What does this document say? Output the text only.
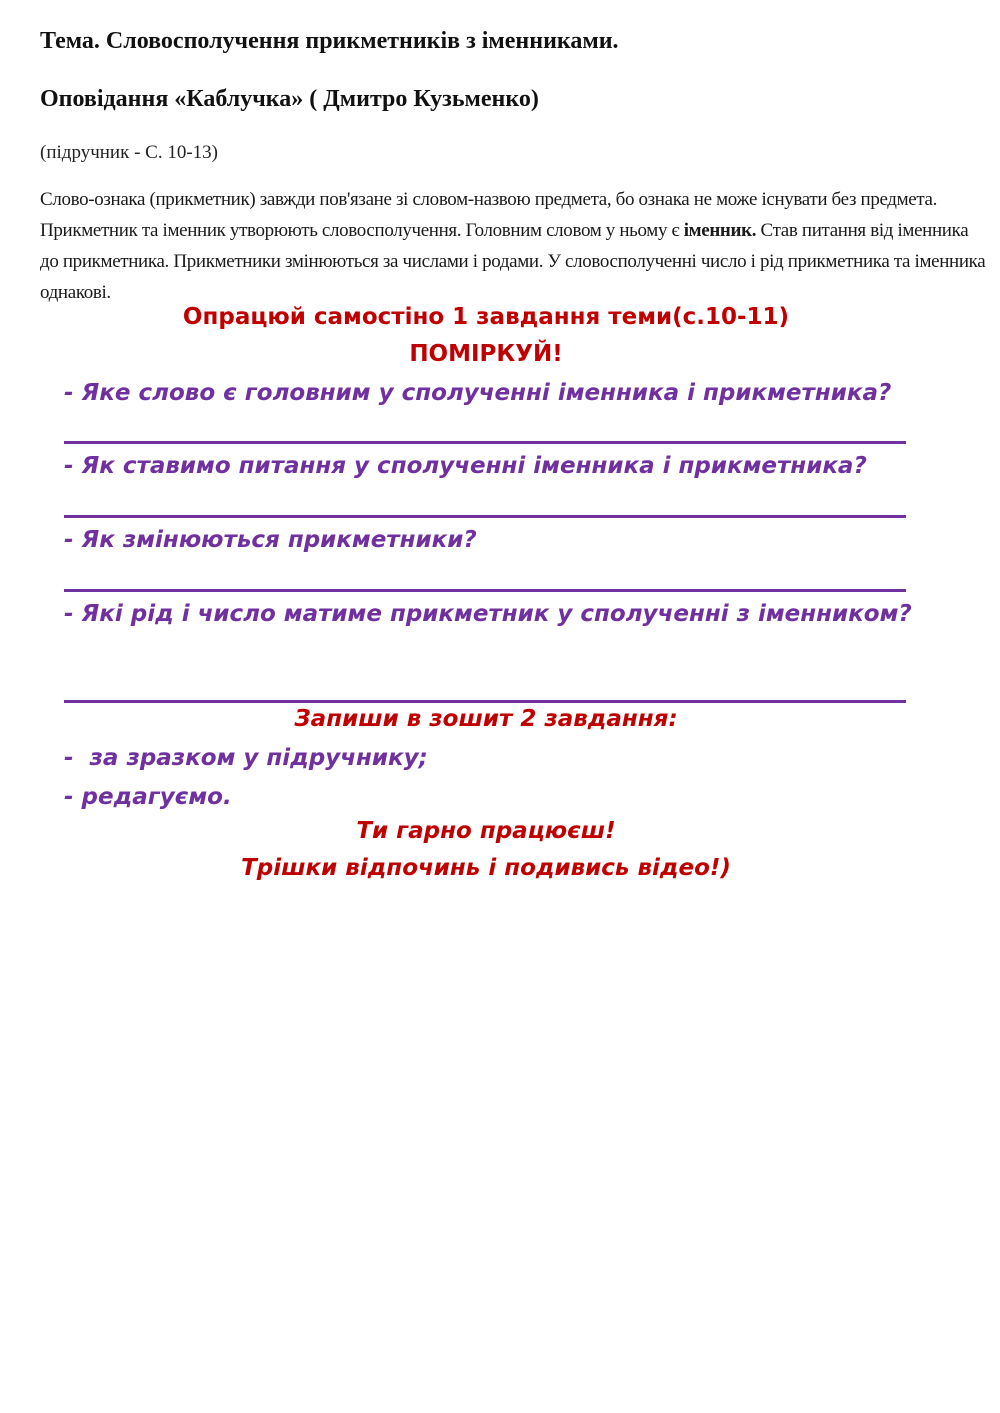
Тема. Словосполучення прикметників з іменниками.
Оповідання «Каблучка» ( Дмитро Кузьменко)
(підручник - С. 10-13)
Слово-ознака (прикметник) завжди пов'язане зі словом-назвою предмета, бо ознака не може існувати без предмета.
Прикметник та іменник утворюють словосполучення. Головним словом у ньому є іменник. Став питання від іменника
до прикметника. Прикметники змінюються за числами і родами. У словосполученні число і рід прикметника та іменника
однакові.
Опрацюй самостіно 1 завдання теми(с.10-11)
ПОМІРКУЙ!
- Яке слово є головним у сполученні іменника і прикметника?
- Як ставимо питання у сполученні іменника і прикметника?
- Як змінюються прикметники?
- Які рід і число матиме прикметник у сполученні з іменником?
Запиши в зошит 2 завдання:
-  за зразком у підручнику;
- редагуємо.
Ти гарно працюєш!
Трішки відпочинь і подивись відео!)
